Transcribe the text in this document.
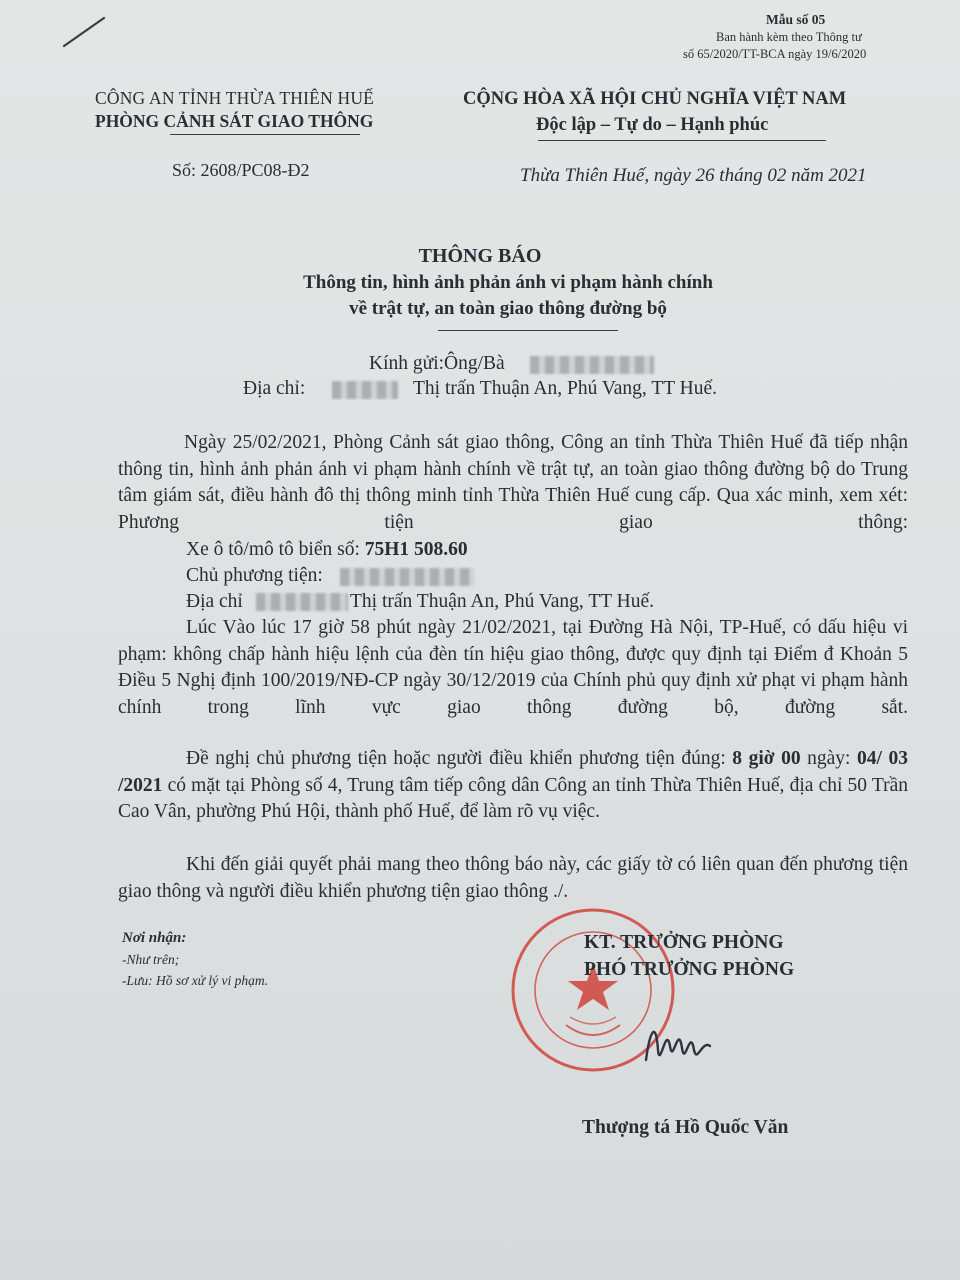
Mẫu số 05
Ban hành kèm theo Thông tư
số 65/2020/TT-BCA ngày 19/6/2020
CÔNG AN TỈNH THỪA THIÊN HUẾ
PHÒNG CẢNH SÁT GIAO THÔNG
Số: 2608/PC08-Đ2
CỘNG HÒA XÃ HỘI CHỦ NGHĨA VIỆT NAM
Độc lập – Tự do – Hạnh phúc
Thừa Thiên Huế, ngày 26 tháng 02 năm 2021
THÔNG BÁO
Thông tin, hình ảnh phản ánh vi phạm hành chính
về trật tự, an toàn giao thông đường bộ
Kính gửi:Ông/Bà
Địa chỉ:	Thị trấn Thuận An, Phú Vang, TT Huế.
Ngày 25/02/2021, Phòng Cảnh sát giao thông, Công an tỉnh Thừa Thiên Huế đã tiếp nhận thông tin, hình ảnh phản ánh vi phạm hành chính về trật tự, an toàn giao thông đường bộ do Trung tâm giám sát, điều hành đô thị thông minh tỉnh Thừa Thiên Huế cung cấp. Qua xác minh, xem xét: Phương tiện giao thông:
Xe ô tô/mô tô biển số: 75H1 508.60
Chủ phương tiện:
Địa chỉ	Thị trấn Thuận An, Phú Vang, TT Huế.
Lúc Vào lúc 17 giờ 58 phút ngày 21/02/2021, tại Đường Hà Nội, TP-Huế, có dấu hiệu vi phạm: không chấp hành hiệu lệnh của đèn tín hiệu giao thông, được quy định tại Điểm đ Khoản 5 Điều 5 Nghị định 100/2019/NĐ-CP ngày 30/12/2019 của Chính phủ quy định xử phạt vi phạm hành chính trong lĩnh vực giao thông đường bộ, đường sắt.
Đề nghị chủ phương tiện hoặc người điều khiển phương tiện đúng: 8 giờ 00 ngày: 04/ 03 /2021 có mặt tại Phòng số 4, Trung tâm tiếp công dân Công an tỉnh Thừa Thiên Huế, địa chỉ 50 Trần Cao Vân, phường Phú Hội, thành phố Huế, để làm rõ vụ việc.
Khi đến giải quyết phải mang theo thông báo này, các giấy tờ có liên quan đến phương tiện giao thông và người điều khiển phương tiện giao thông ./.
Nơi nhận:
-Như trên;
-Lưu: Hồ sơ xử lý vi phạm.
KT. TRƯỞNG PHÒNG
PHÓ TRƯỞNG PHÒNG
Thượng tá Hồ Quốc Văn
